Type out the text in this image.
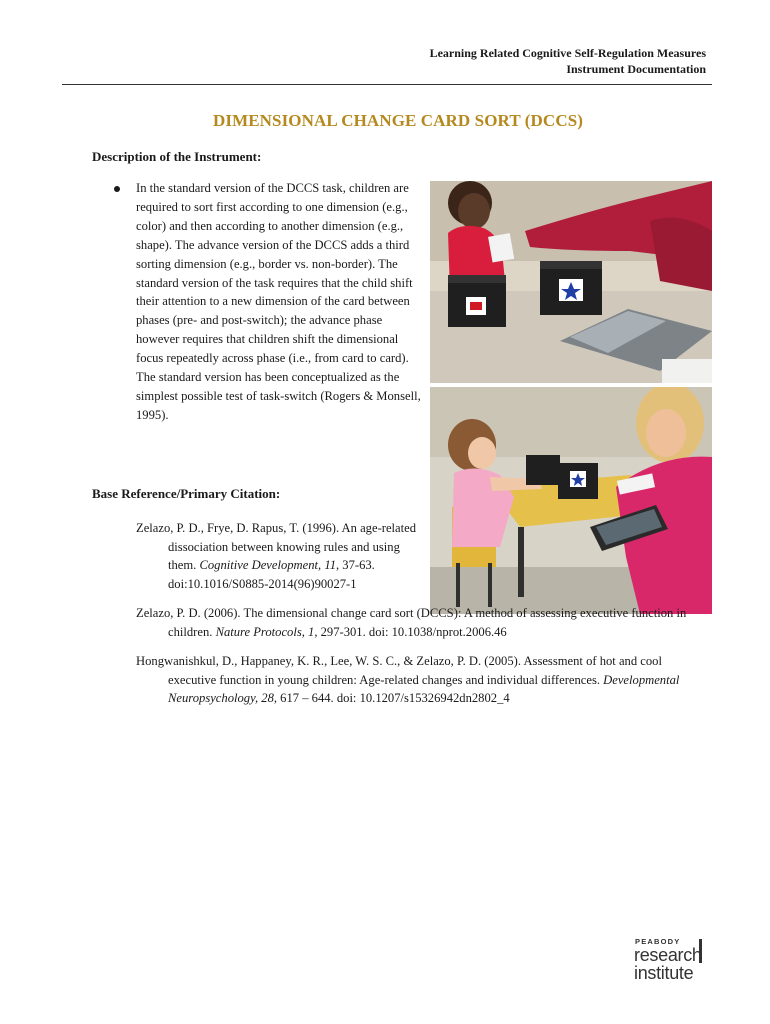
Learning Related Cognitive Self-Regulation Measures
Instrument Documentation
DIMENSIONAL CHANGE CARD SORT (DCCS)
Description of the Instrument:
In the standard version of the DCCS task, children are required to sort first according to one dimension (e.g., color) and then according to another dimension (e.g., shape). The advance version of the DCCS adds a third sorting dimension (e.g., border vs. non-border). The standard version of the task requires that the child shift their attention to a new dimension of the card between phases (pre- and post-switch); the advance phase however requires that children shift the dimensional focus repeatedly across phase (i.e., from card to card). The standard version has been conceptualized as the simplest possible test of task-switch (Rogers & Monsell, 1995).
Base Reference/Primary Citation:
Zelazo, P. D., Frye, D. Rapus, T. (1996). An age-related dissociation between knowing rules and using them. Cognitive Development, 11, 37-63. doi:10.1016/S0885-2014(96)90027-1
Zelazo, P. D. (2006). The dimensional change card sort (DCCS): A method of assessing executive function in children. Nature Protocols, 1, 297-301. doi: 10.1038/nprot.2006.46
Hongwanishkul, D., Happaney, K. R., Lee, W. S. C., & Zelazo, P. D. (2005). Assessment of hot and cool executive function in young children: Age-related changes and individual differences. Developmental Neuropsychology, 28, 617 – 644. doi: 10.1207/s15326942dn2802_4
PEABODY
research
institute
